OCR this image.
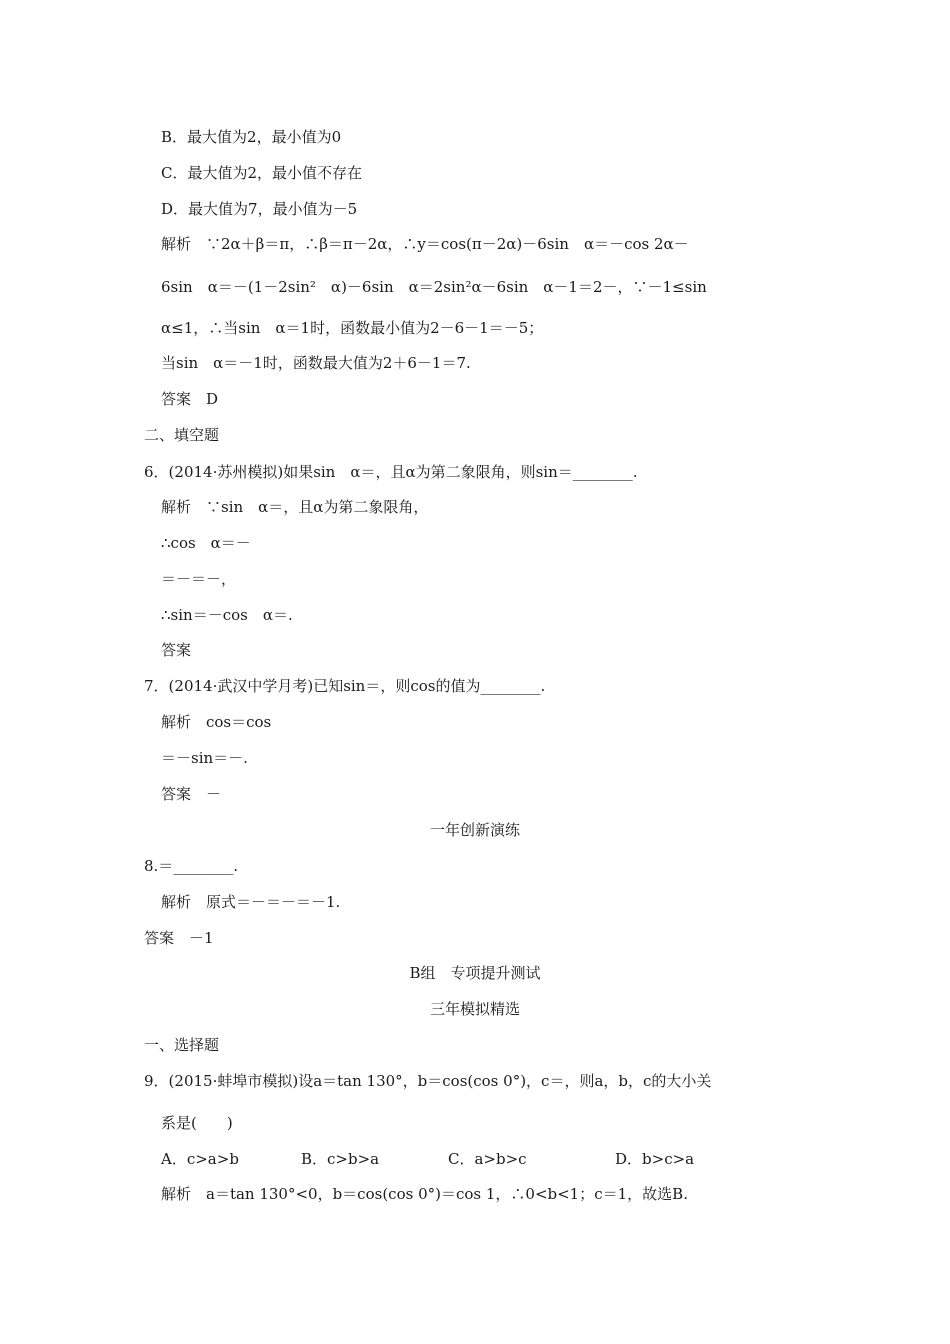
B．最大值为2，最小值为0
C．最大值为2，最小值不存在
D．最大值为7，最小值为－5
解析　∵2α＋β＝π，∴β＝π－2α，∴y＝cos(π－2α)－6sin　α＝－cos 2α－
6sin　α＝－(1－2sin²　α)－6sin　α＝2sin²α－6sin　α－1＝2－，∵－1≤sin
α≤1，∴当sin　α＝1时，函数最小值为2－6－1＝－5；
当sin　α＝－1时，函数最大值为2＋6－1＝7.
答案　D
二、填空题
6．(2014·苏州模拟)如果sin　α＝，且α为第二象限角，则sin＝________.
解析　∵sin　α＝，且α为第二象限角，
∴cos　α＝－
＝－＝－，
∴sin＝－cos　α＝.
答案
7．(2014·武汉中学月考)已知sin＝，则cos的值为________.
解析　cos＝cos
＝－sin＝－.
答案　－
一年创新演练
8.＝________.
解析　原式＝－＝－＝－1.
答案　－1
B组　专项提升测试
三年模拟精选
一、选择题
9．(2015·蚌埠市模拟)设a＝tan 130°，b＝cos(cos 0°)，c＝，则a，b，c的大小关
系是(　　)
A．c>a>b	B．c>b>a	C．a>b>c	D．b>c>a
解析　a＝tan 130°<0，b＝cos(cos 0°)＝cos 1，∴0<b<1；c＝1，故选B.
